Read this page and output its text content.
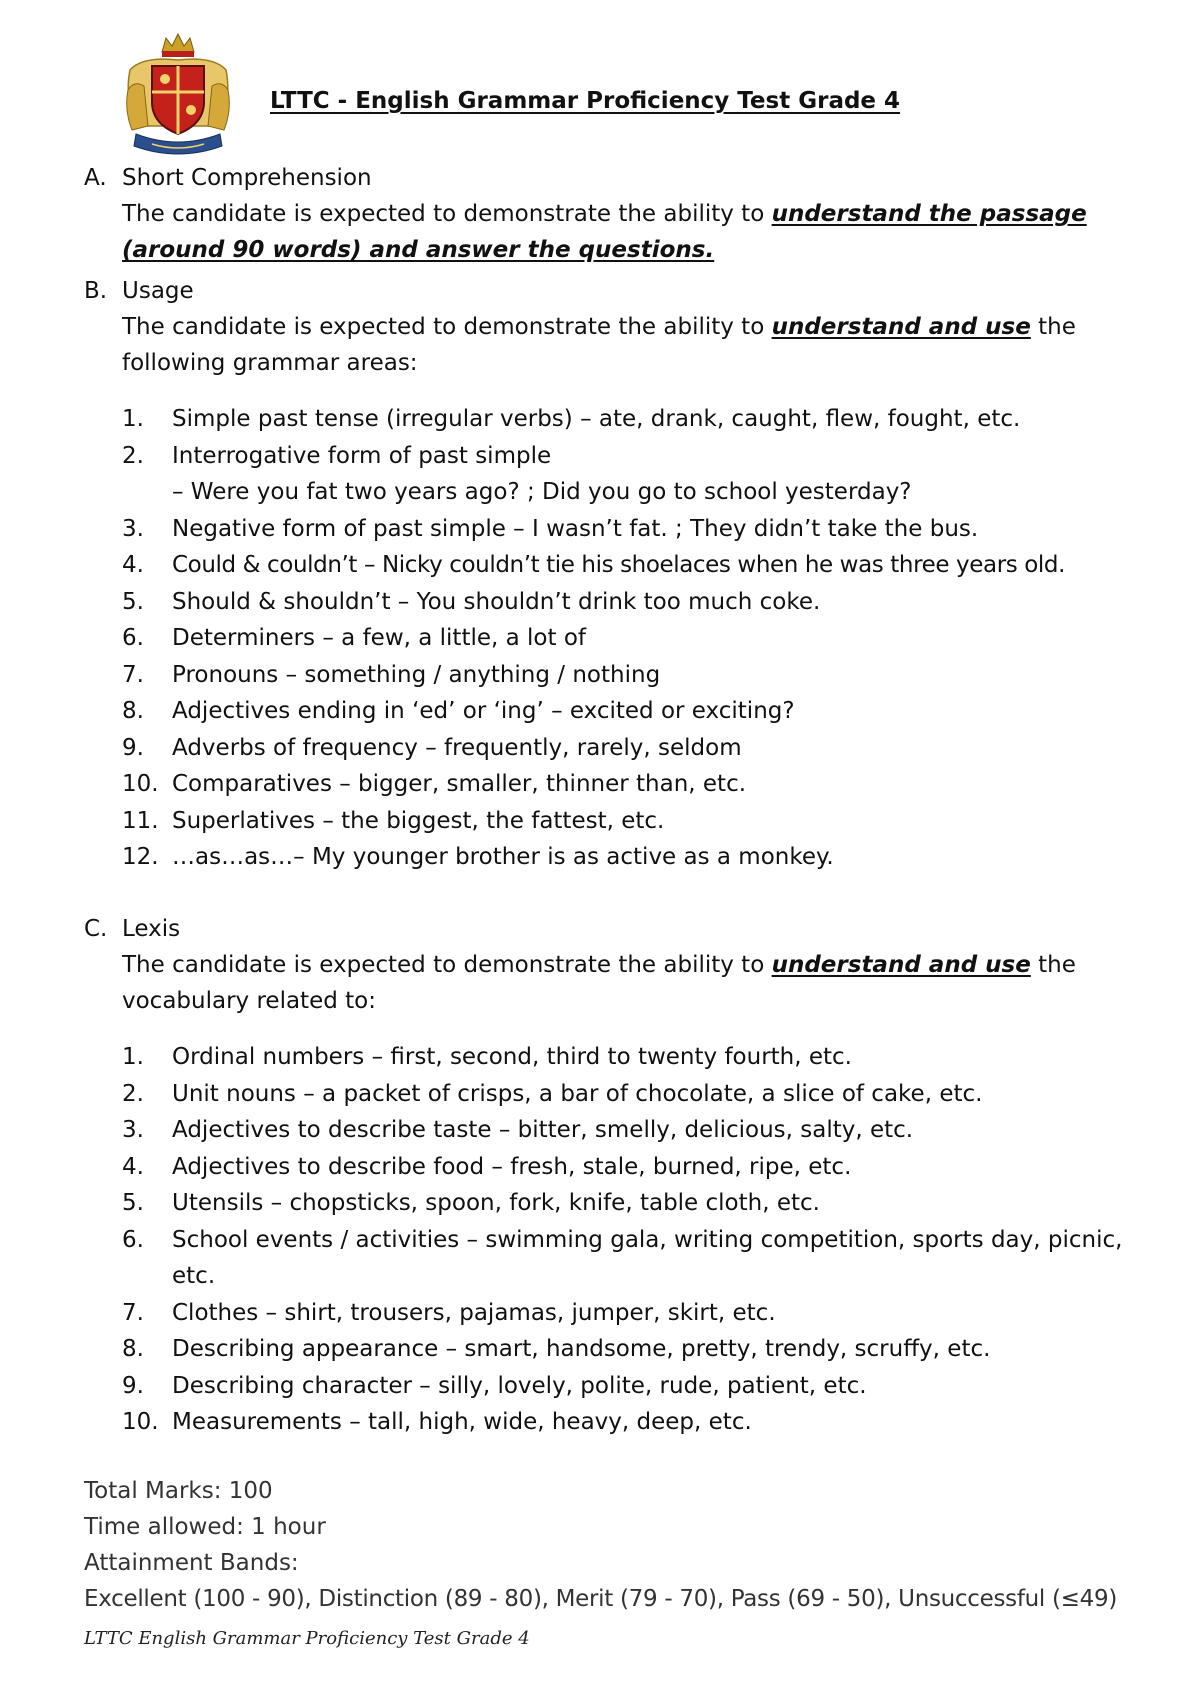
LTTC - English Grammar Proficiency Test Grade 4
A. Short Comprehension
The candidate is expected to demonstrate the ability to understand the passage (around 90 words) and answer the questions.
B. Usage
The candidate is expected to demonstrate the ability to understand and use the following grammar areas:
1.	Simple past tense (irregular verbs) – ate, drank, caught, flew, fought, etc.
2.	Interrogative form of past simple
– Were you fat two years ago? ; Did you go to school yesterday?
3.	Negative form of past simple – I wasn’t fat. ; They didn’t take the bus.
4.	Could & couldn’t – Nicky couldn’t tie his shoelaces when he was three years old.
5.	Should & shouldn’t – You shouldn’t drink too much coke.
6.	Determiners – a few, a little, a lot of
7.	Pronouns – something / anything / nothing
8.	Adjectives ending in ‘ed’ or ‘ing’ – excited or exciting?
9.	Adverbs of frequency – frequently, rarely, seldom
10. Comparatives – bigger, smaller, thinner than, etc.
11. Superlatives – the biggest, the fattest, etc.
12. …as…as…– My younger brother is as active as a monkey.
C. Lexis
The candidate is expected to demonstrate the ability to understand and use the vocabulary related to:
1.	Ordinal numbers – first, second, third to twenty fourth, etc.
2.	Unit nouns – a packet of crisps, a bar of chocolate, a slice of cake, etc.
3.	Adjectives to describe taste – bitter, smelly, delicious, salty, etc.
4.	Adjectives to describe food – fresh, stale, burned, ripe, etc.
5.	Utensils – chopsticks, spoon, fork, knife, table cloth, etc.
6.	School events / activities – swimming gala, writing competition, sports day, picnic, etc.
7.	Clothes – shirt, trousers, pajamas, jumper, skirt, etc.
8.	Describing appearance – smart, handsome, pretty, trendy, scruffy, etc.
9.	Describing character – silly, lovely, polite, rude, patient, etc.
10. Measurements – tall, high, wide, heavy, deep, etc.
Total Marks: 100
Time allowed: 1 hour
Attainment Bands:
Excellent (100 - 90), Distinction (89 - 80), Merit (79 - 70), Pass (69 - 50), Unsuccessful (≤49)
LTTC English Grammar Proficiency Test Grade 4
